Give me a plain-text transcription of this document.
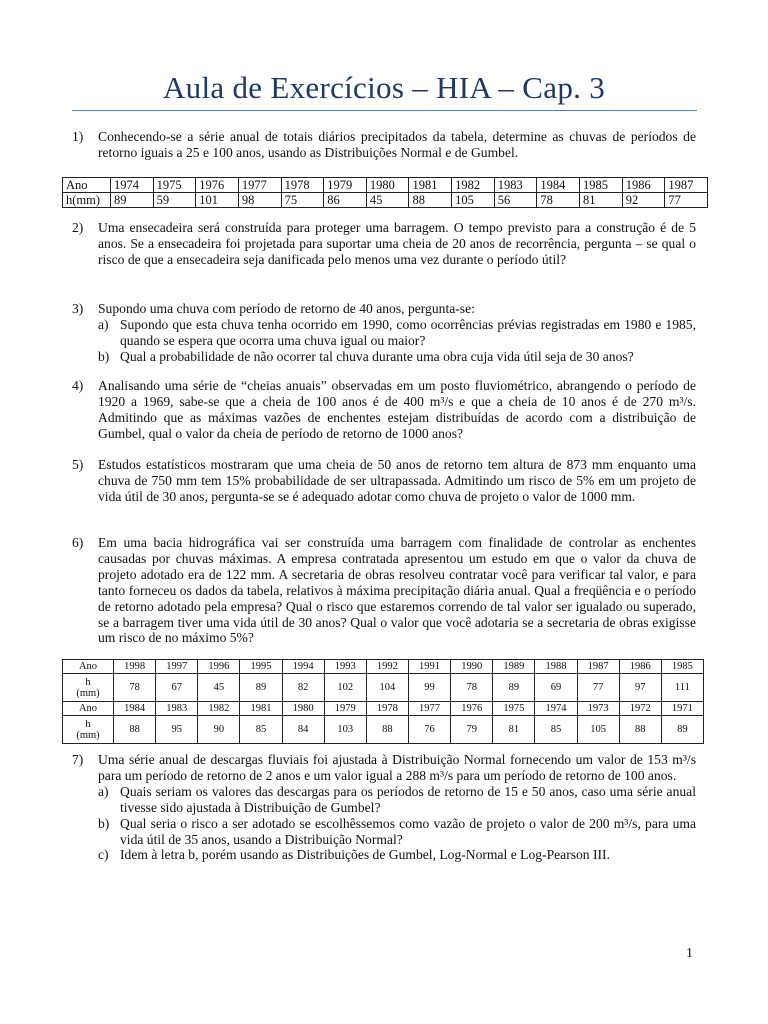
Aula de Exercícios – HIA – Cap. 3
1) Conhecendo-se a série anual de totais diários precipitados da tabela, determine as chuvas de períodos de retorno iguais a 25 e 100 anos, usando as Distribuições Normal e de Gumbel.
Ano	1974	1975	1976	1977	1978	1979	1980	1981	1982	1983	1984	1985	1986	1987
h(mm)	89	59	101	98	75	86	45	88	105	56	78	81	92	77
2) Uma ensecadeira será construída para proteger uma barragem. O tempo previsto para a construção é de 5 anos. Se a ensecadeira foi projetada para suportar uma cheia de 20 anos de recorrência, pergunta – se qual o risco de que a ensecadeira seja danificada pelo menos uma vez durante o período útil?
3) Supondo uma chuva com período de retorno de 40 anos, pergunta-se:
a) Supondo que esta chuva tenha ocorrido em 1990, como ocorrências prévias registradas em 1980 e 1985, quando se espera que ocorra uma chuva igual ou maior?
b) Qual a probabilidade de não ocorrer tal chuva durante uma obra cuja vida útil seja de 30 anos?
4) Analisando uma série de “cheias anuais” observadas em um posto fluviométrico, abrangendo o período de 1920 a 1969, sabe-se que a cheia de 100 anos é de 400 m³/s e que a cheia de 10 anos é de 270 m³/s. Admitindo que as máximas vazões de enchentes estejam distribuídas de acordo com a distribuição de Gumbel, qual o valor da cheia de período de retorno de 1000 anos?
5) Estudos estatísticos mostraram que uma cheia de 50 anos de retorno tem altura de 873 mm enquanto uma chuva de 750 mm tem 15% probabilidade de ser ultrapassada. Admitindo um risco de 5% em um projeto de vida útil de 30 anos, pergunta-se se é adequado adotar como chuva de projeto o valor de 1000 mm.
6) Em uma bacia hidrográfica vai ser construída uma barragem com finalidade de controlar as enchentes causadas por chuvas máximas. A empresa contratada apresentou um estudo em que o valor da chuva de projeto adotado era de 122 mm. A secretaria de obras resolveu contratar você para verificar tal valor, e para tanto forneceu os dados da tabela, relativos à máxima precipitação diária anual. Qual a freqüência e o período de retorno adotado pela empresa? Qual o risco que estaremos correndo de tal valor ser igualado ou superado, se a barragem tiver uma vida útil de 30 anos? Qual o valor que você adotaria se a secretaria de obras exigisse um risco de no máximo 5%?
Ano	1998	1997	1996	1995	1994	1993	1992	1991	1990	1989	1988	1987	1986	1985
h
(mm)	78	67	45	89	82	102	104	99	78	89	69	77	97	111
Ano	1984	1983	1982	1981	1980	1979	1978	1977	1976	1975	1974	1973	1972	1971
h
(mm)	88	95	90	85	84	103	88	76	79	81	85	105	88	89
7) Uma série anual de descargas fluviais foi ajustada à Distribuição Normal fornecendo um valor de 153 m³/s para um período de retorno de 2 anos e um valor igual a 288 m³/s para um período de retorno de 100 anos.
a) Quais seriam os valores das descargas para os períodos de retorno de 15 e 50 anos, caso uma série anual tivesse sido ajustada à Distribuição de Gumbel?
b) Qual seria o risco a ser adotado se escolhêssemos como vazão de projeto o valor de 200 m³/s, para uma vida útil de 35 anos, usando a Distribuição Normal?
c) Idem à letra b, porém usando as Distribuições de Gumbel, Log-Normal e Log-Pearson III.
1
